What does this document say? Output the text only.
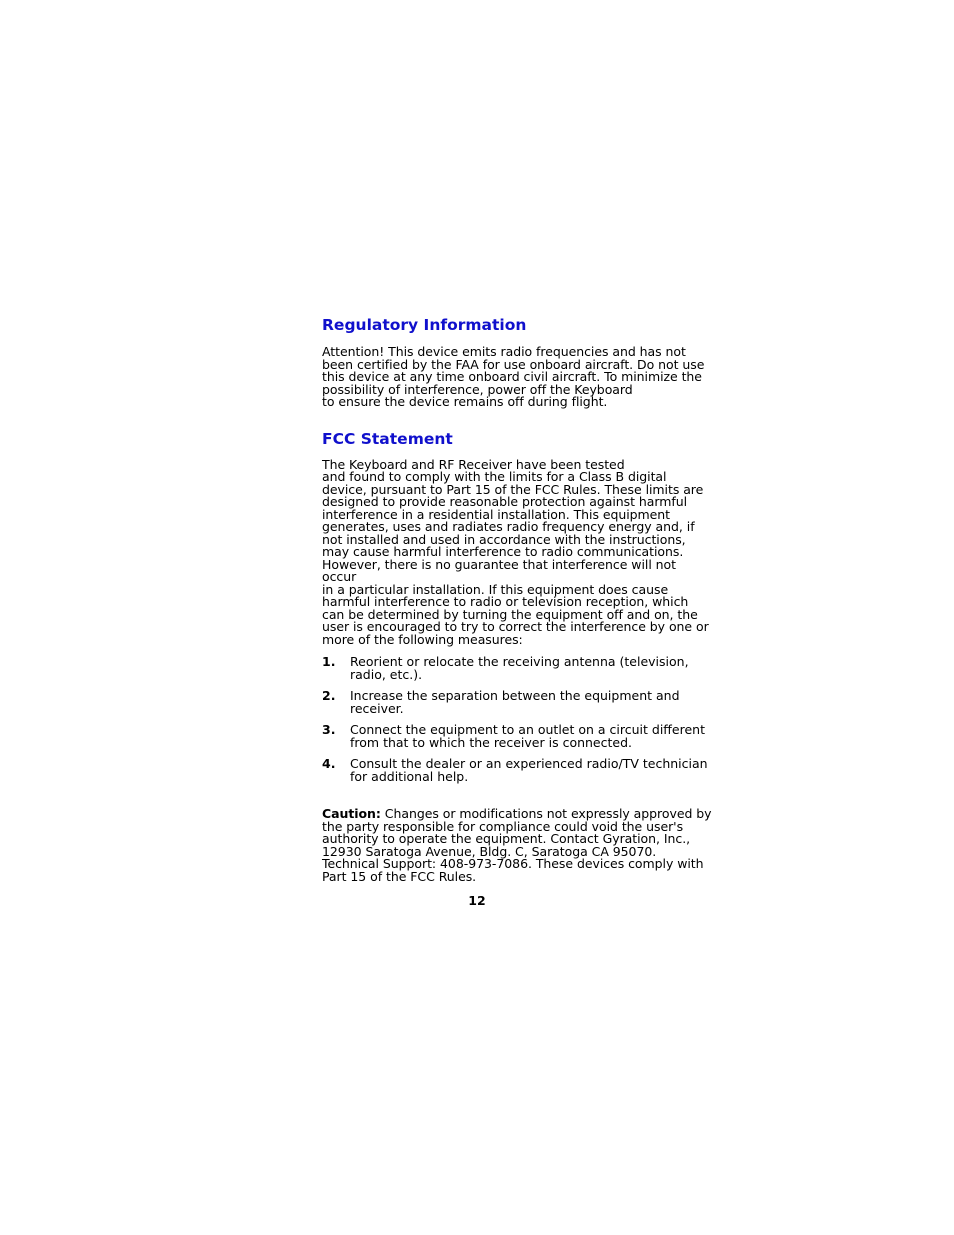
Regulatory Information

Attention! This device emits radio frequencies and has not
been certified by the FAA for use onboard aircraft. Do not use
this device at any time onboard civil aircraft. To minimize the
possibility of interference, power off the Keyboard
to ensure the device remains off during flight.

FCC Statement

The Keyboard and RF Receiver have been tested
and found to comply with the limits for a Class B digital
device, pursuant to Part 15 of the FCC Rules. These limits are
designed to provide reasonable protection against harmful
interference in a residential installation. This equipment
generates, uses and radiates radio frequency energy and, if
not installed and used in accordance with the instructions,
may cause harmful interference to radio communications.
However, there is no guarantee that interference will not occur
in a particular installation. If this equipment does cause
harmful interference to radio or television reception, which
can be determined by turning the equipment off and on, the
user is encouraged to try to correct the interference by one or
more of the following measures:

1.	Reorient or relocate the receiving antenna (television,
radio, etc.).
2.	Increase the separation between the equipment and
receiver.
3.	Connect the equipment to an outlet on a circuit different
from that to which the receiver is connected.
4.	Consult the dealer or an experienced radio/TV technician
for additional help.

Caution: Changes or modifications not expressly approved by
the party responsible for compliance could void the user's
authority to operate the equipment. Contact Gyration, Inc.,
12930 Saratoga Avenue, Bldg. C, Saratoga CA 95070.
Technical Support: 408-973-7086. These devices comply with
Part 15 of the FCC Rules.

12
